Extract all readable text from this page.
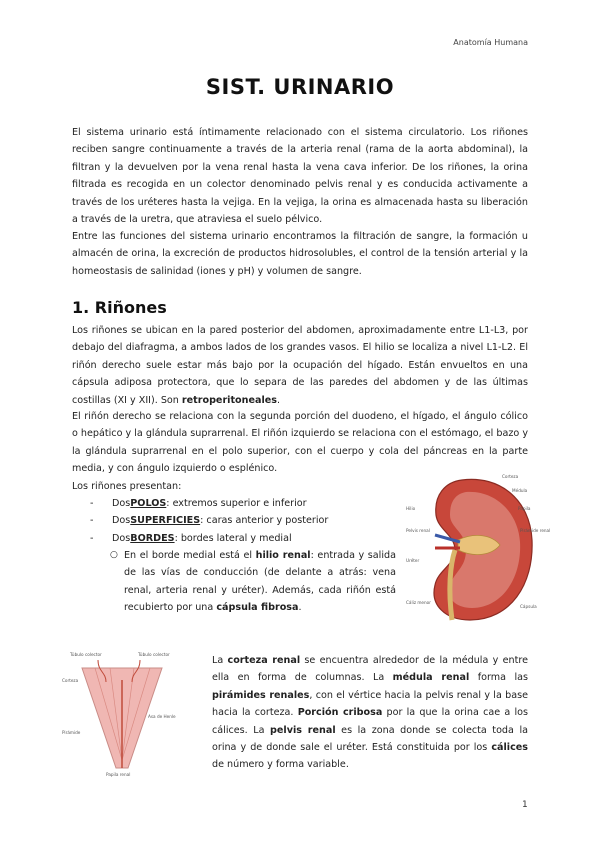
Anatomía Humana
SIST. URINARIO
El sistema urinario está íntimamente relacionado con el sistema circulatorio. Los riñones reciben sangre continuamente a través de la arteria renal (rama de la aorta abdominal), la filtran y la devuelven por la vena renal hasta la vena cava inferior. De los riñones, la orina filtrada es recogida en un colector denominado pelvis renal y es conducida activamente a través de los uréteres hasta la vejiga. En la vejiga, la orina es almacenada hasta su liberación a través de la uretra, que atraviesa el suelo pélvico.
Entre las funciones del sistema urinario encontramos la filtración de sangre, la formación u almacén de orina, la excreción de productos hidrosolubles, el control de la tensión arterial y la homeostasis de salinidad (iones y pH) y volumen de sangre.
1. Riñones
Los riñones se ubican en la pared posterior del abdomen, aproximadamente entre L1-L3, por debajo del diafragma, a ambos lados de los grandes vasos. El hilio se localiza a nivel L1-L2. El riñón derecho suele estar más bajo por la ocupación del hígado. Están envueltos en una cápsula adiposa protectora, que lo separa de las paredes del abdomen y de las últimas costillas (XI y XII). Son retroperitoneales.
El riñón derecho se relaciona con la segunda porción del duodeno, el hígado, el ángulo cólico o hepático y la glándula suprarrenal. El riñón izquierdo se relaciona con el estómago, el bazo y la glándula suprarrenal en el polo superior, con el cuerpo y cola del páncreas en la parte media, y con ángulo izquierdo o esplénico.
Los riñones presentan:
-	Dos POLOS : extremos superior e inferior
-	Dos SUPERFICIES : caras anterior y posterior
-	Dos BORDES : bordes lateral y medial
○ En el borde medial está el hilio renal: entrada y salida de las vías de conducción (de delante a atrás: vena renal, arteria renal y uréter). Además, cada riñón está recubierto por una cápsula fibrosa.
Corteza
Médula
Hilio	Papila
Pelvis renal	Pirámide renal
Uréter
Cáliz menor
Cápsula
Túbulo colector	Túbulo colector
Corteza
Pirámide
Asa de Henle
Papila renal
La corteza renal se encuentra alrededor de la médula y entre ella en forma de columnas. La médula renal forma las pirámides renales, con el vértice hacia la pelvis renal y la base hacia la corteza. Porción cribosa por la que la orina cae a los cálices. La pelvis renal es la zona donde se colecta toda la orina y de donde sale el uréter. Está constituida por los cálices de número y forma variable.
1
